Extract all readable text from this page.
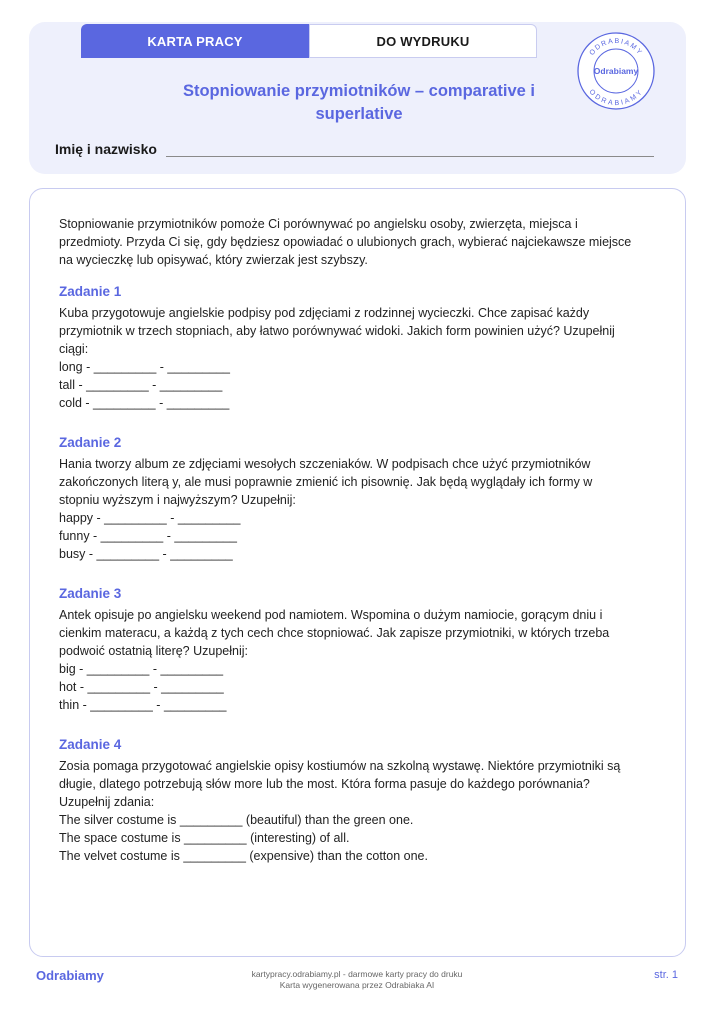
KARTA PRACY	DO WYDRUKU
Stopniowanie przymiotników – comparative i
superlative
Imię i nazwisko
ODRABIAMY
ODRABIAMY
Odrabiamy
Stopniowanie przymiotników pomoże Ci porównywać po angielsku osoby, zwierzęta, miejsca i
przedmioty. Przyda Ci się, gdy będziesz opowiadać o ulubionych grach, wybierać najciekawsze miejsce
na wycieczkę lub opisywać, który zwierzak jest szybszy.
Zadanie 1
Kuba przygotowuje angielskie podpisy pod zdjęciami z rodzinnej wycieczki. Chce zapisać każdy
przymiotnik w trzech stopniach, aby łatwo porównywać widoki. Jakich form powinien użyć? Uzupełnij
ciągi:
long - _________ - _________
tall - _________ - _________
cold - _________ - _________
Zadanie 2
Hania tworzy album ze zdjęciami wesołych szczeniaków. W podpisach chce użyć przymiotników
zakończonych literą y, ale musi poprawnie zmienić ich pisownię. Jak będą wyglądały ich formy w
stopniu wyższym i najwyższym? Uzupełnij:
happy - _________ - _________
funny - _________ - _________
busy - _________ - _________
Zadanie 3
Antek opisuje po angielsku weekend pod namiotem. Wspomina o dużym namiocie, gorącym dniu i
cienkim materacu, a każdą z tych cech chce stopniować. Jak zapisze przymiotniki, w których trzeba
podwoić ostatnią literę? Uzupełnij:
big - _________ - _________
hot - _________ - _________
thin - _________ - _________
Zadanie 4
Zosia pomaga przygotować angielskie opisy kostiumów na szkolną wystawę. Niektóre przymiotniki są
długie, dlatego potrzebują słów more lub the most. Która forma pasuje do każdego porównania?
Uzupełnij zdania:
The silver costume is _________ (beautiful) than the green one.
The space costume is _________ (interesting) of all.
The velvet costume is _________ (expensive) than the cotton one.
Odrabiamy	kartypracy.odrabiamy.pl - darmowe karty pracy do druku
Karta wygenerowana przez Odrabiaka AI
str. 1
